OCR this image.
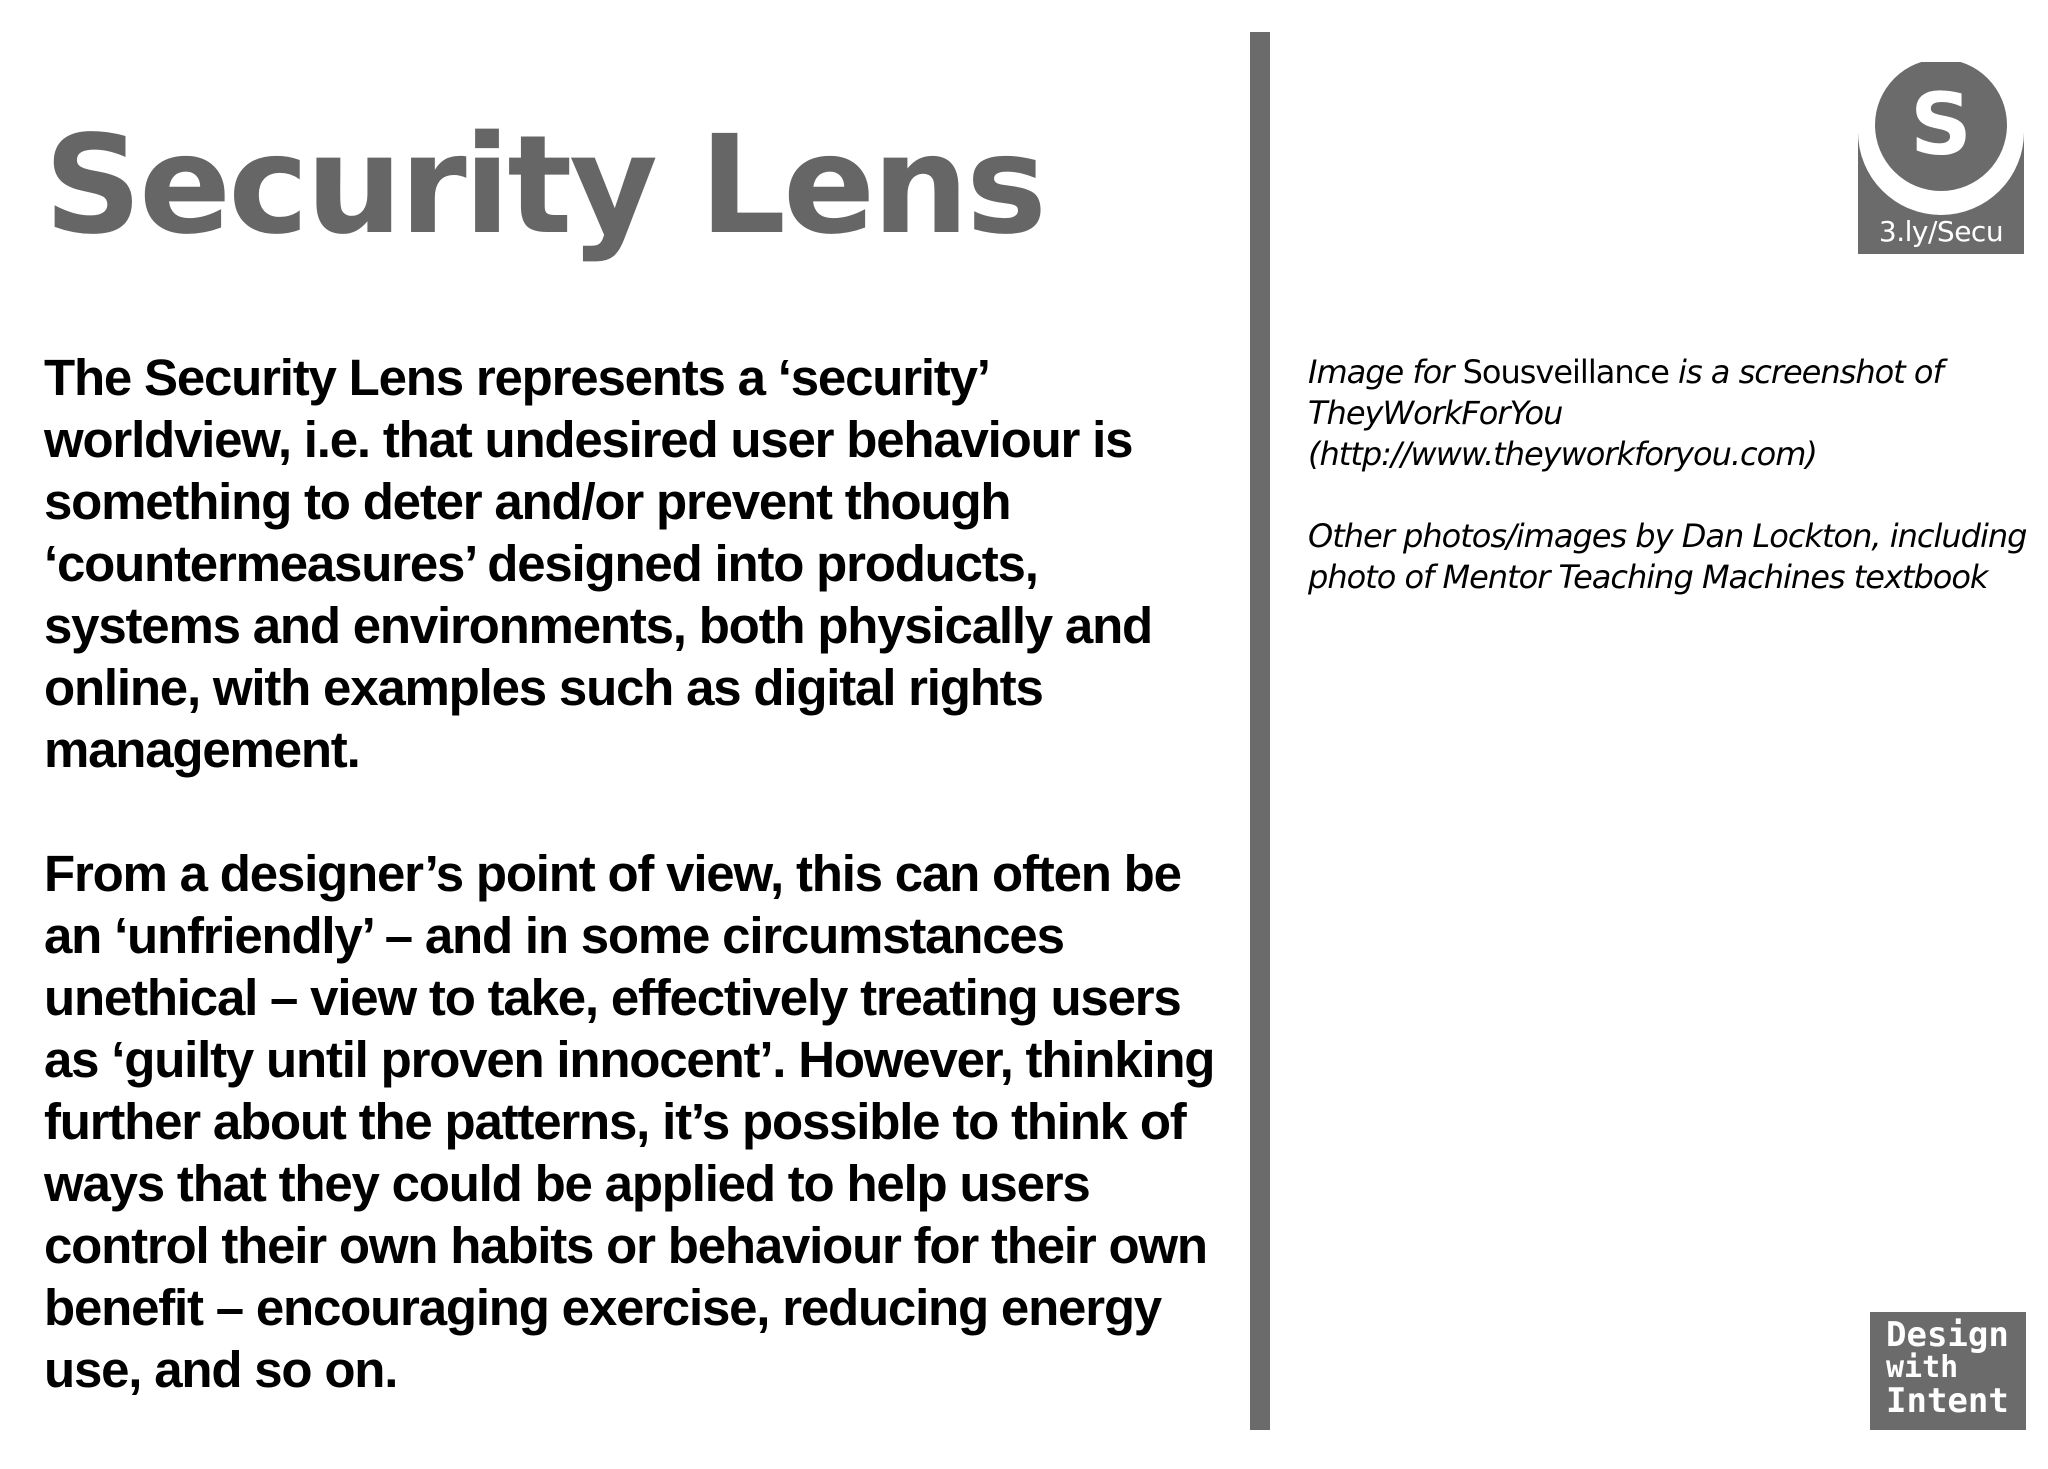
Security Lens

The Security Lens represents a ‘security’ worldview, i.e. that undesired user behaviour is something to deter and/or prevent though ‘countermeasures’ designed into products, systems and environments, both physically and online, with examples such as digital rights management.

From a designer’s point of view, this can often be an ‘unfriendly’ – and in some circumstances unethical – view to take, effectively treating users as ‘guilty until proven innocent’. However, thinking further about the patterns, it’s possible to think of ways that they could be applied to help users control their own habits or behaviour for their own benefit – encouraging exercise, reducing energy use, and so on.

Image for Sousveillance is a screenshot of TheyWorkForYou (http://www.theyworkforyou.com)

Other photos/images by Dan Lockton, including photo of Mentor Teaching Machines textbook

S
3.ly/Secu
Design
with
Intent
